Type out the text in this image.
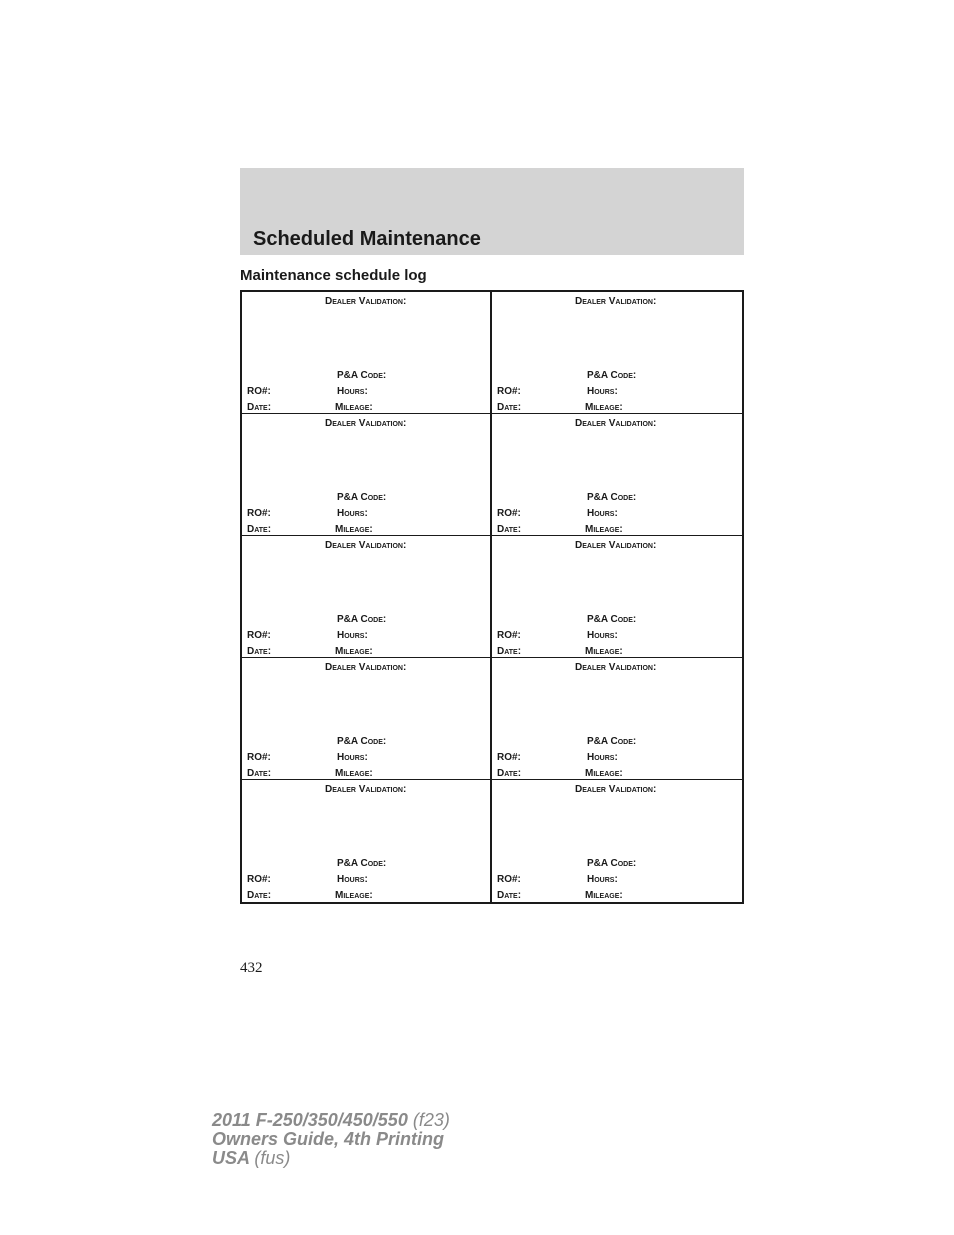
Scheduled Maintenance
Maintenance schedule log
Dealer Validation:
P&A Code:
RO#:	Hours:
Date:	Mileage:
Dealer Validation:
P&A Code:
RO#:	Hours:
Date:	Mileage:
Dealer Validation:
P&A Code:
RO#:	Hours:
Date:	Mileage:
Dealer Validation:
P&A Code:
RO#:	Hours:
Date:	Mileage:
Dealer Validation:
P&A Code:
RO#:	Hours:
Date:	Mileage:
Dealer Validation:
P&A Code:
RO#:	Hours:
Date:	Mileage:
Dealer Validation:
P&A Code:
RO#:	Hours:
Date:	Mileage:
Dealer Validation:
P&A Code:
RO#:	Hours:
Date:	Mileage:
Dealer Validation:
P&A Code:
RO#:	Hours:
Date:	Mileage:
Dealer Validation:
P&A Code:
RO#:	Hours:
Date:	Mileage:
432
2011 F-250/350/450/550 (f23)
Owners Guide, 4th Printing
USA (fus)
